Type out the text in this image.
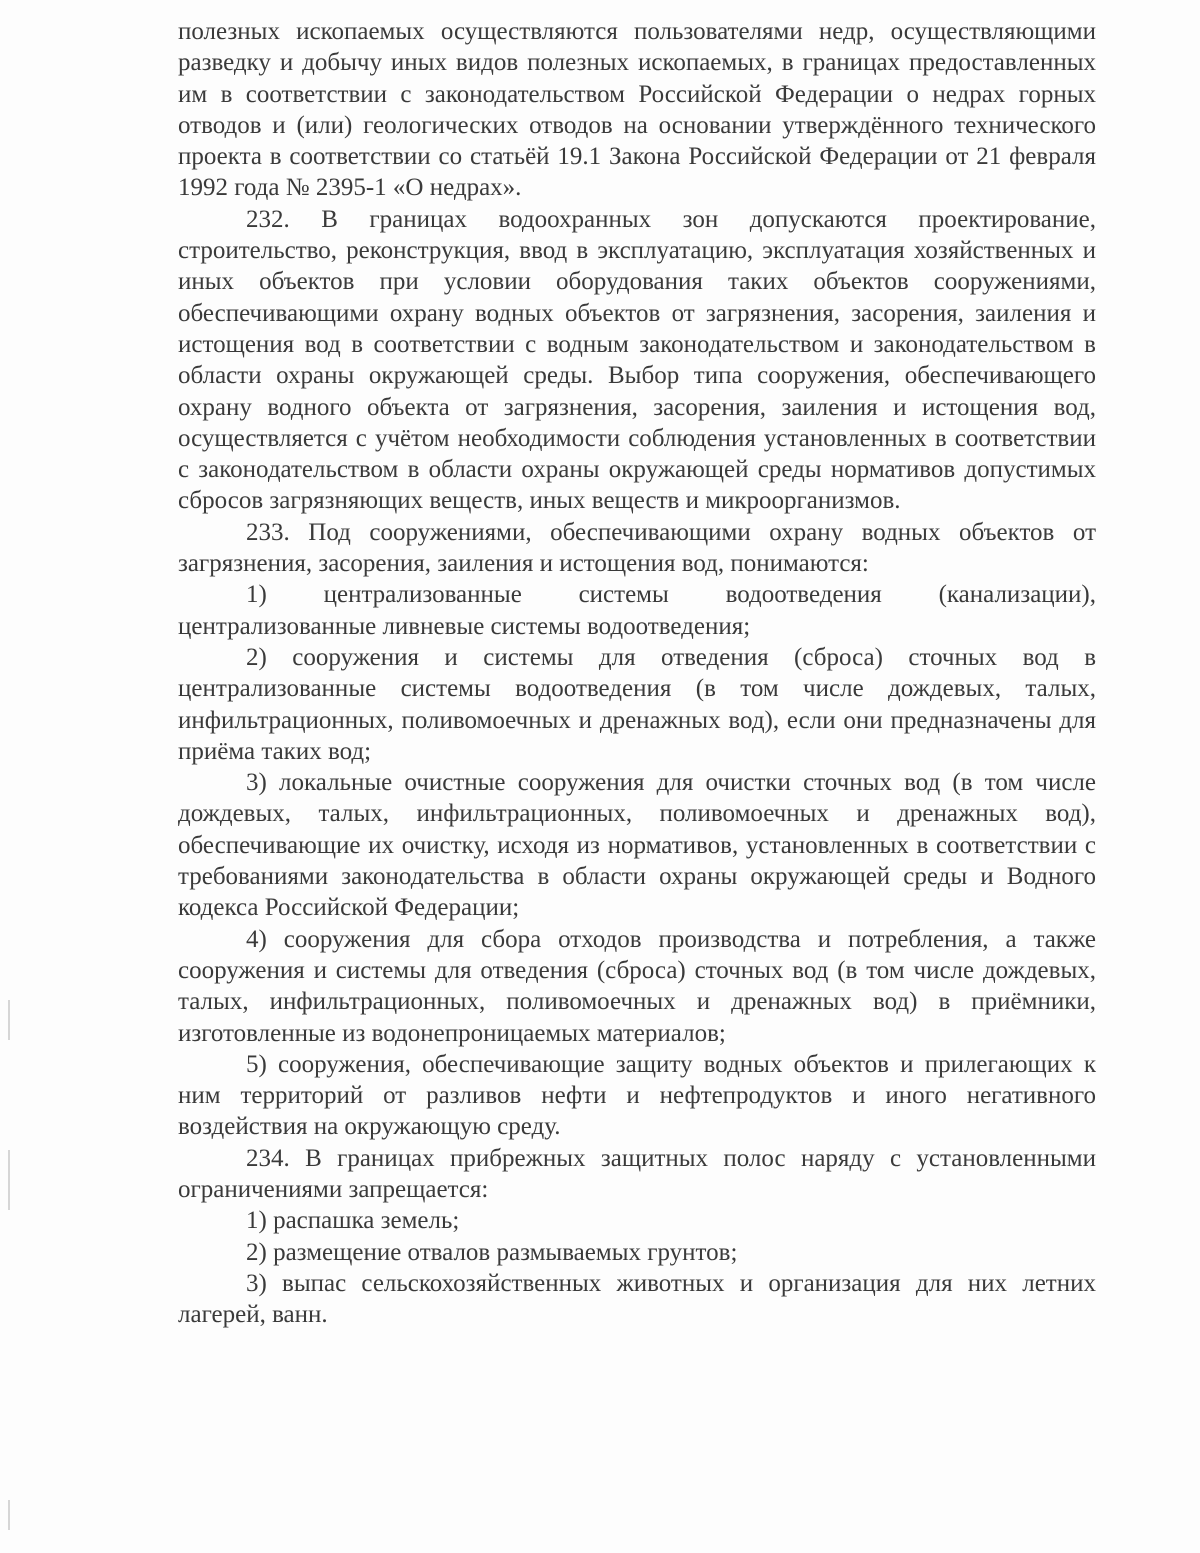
полезных ископаемых осуществляются пользователями недр, осуществляющими разведку и добычу иных видов полезных ископаемых, в границах предоставленных им в соответствии с законодательством Российской Федерации о недрах горных отводов и (или) геологических отводов на основании утверждённого технического проекта в соответствии со статьёй 19.1 Закона Российской Федерации от 21 февраля 1992 года № 2395-1 «О недрах».

232. В границах водоохранных зон допускаются проектирование, строительство, реконструкция, ввод в эксплуатацию, эксплуатация хозяйственных и иных объектов при условии оборудования таких объектов сооружениями, обеспечивающими охрану водных объектов от загрязнения, засорения, заиления и истощения вод в соответствии с водным законодательством и законодательством в области охраны окружающей среды. Выбор типа сооружения, обеспечивающего охрану водного объекта от загрязнения, засорения, заиления и истощения вод, осуществляется с учётом необходимости соблюдения установленных в соответствии с законодательством в области охраны окружающей среды нормативов допустимых сбросов загрязняющих веществ, иных веществ и микроорганизмов.

233. Под сооружениями, обеспечивающими охрану водных объектов от загрязнения, засорения, заиления и истощения вод, понимаются:

1) централизованные системы водоотведения (канализации), централизованные ливневые системы водоотведения;

2) сооружения и системы для отведения (сброса) сточных вод в централизованные системы водоотведения (в том числе дождевых, талых, инфильтрационных, поливомоечных и дренажных вод), если они предназначены для приёма таких вод;

3) локальные очистные сооружения для очистки сточных вод (в том числе дождевых, талых, инфильтрационных, поливомоечных и дренажных вод), обеспечивающие их очистку, исходя из нормативов, установленных в соответствии с требованиями законодательства в области охраны окружающей среды и Водного кодекса Российской Федерации;

4) сооружения для сбора отходов производства и потребления, а также сооружения и системы для отведения (сброса) сточных вод (в том числе дождевых, талых, инфильтрационных, поливомоечных и дренажных вод) в приёмники, изготовленные из водонепроницаемых материалов;

5) сооружения, обеспечивающие защиту водных объектов и прилегающих к ним территорий от разливов нефти и нефтепродуктов и иного негативного воздействия на окружающую среду.

234. В границах прибрежных защитных полос наряду с установленными ограничениями запрещается:

1) распашка земель;

2) размещение отвалов размываемых грунтов;

3) выпас сельскохозяйственных животных и организация для них летних лагерей, ванн.
